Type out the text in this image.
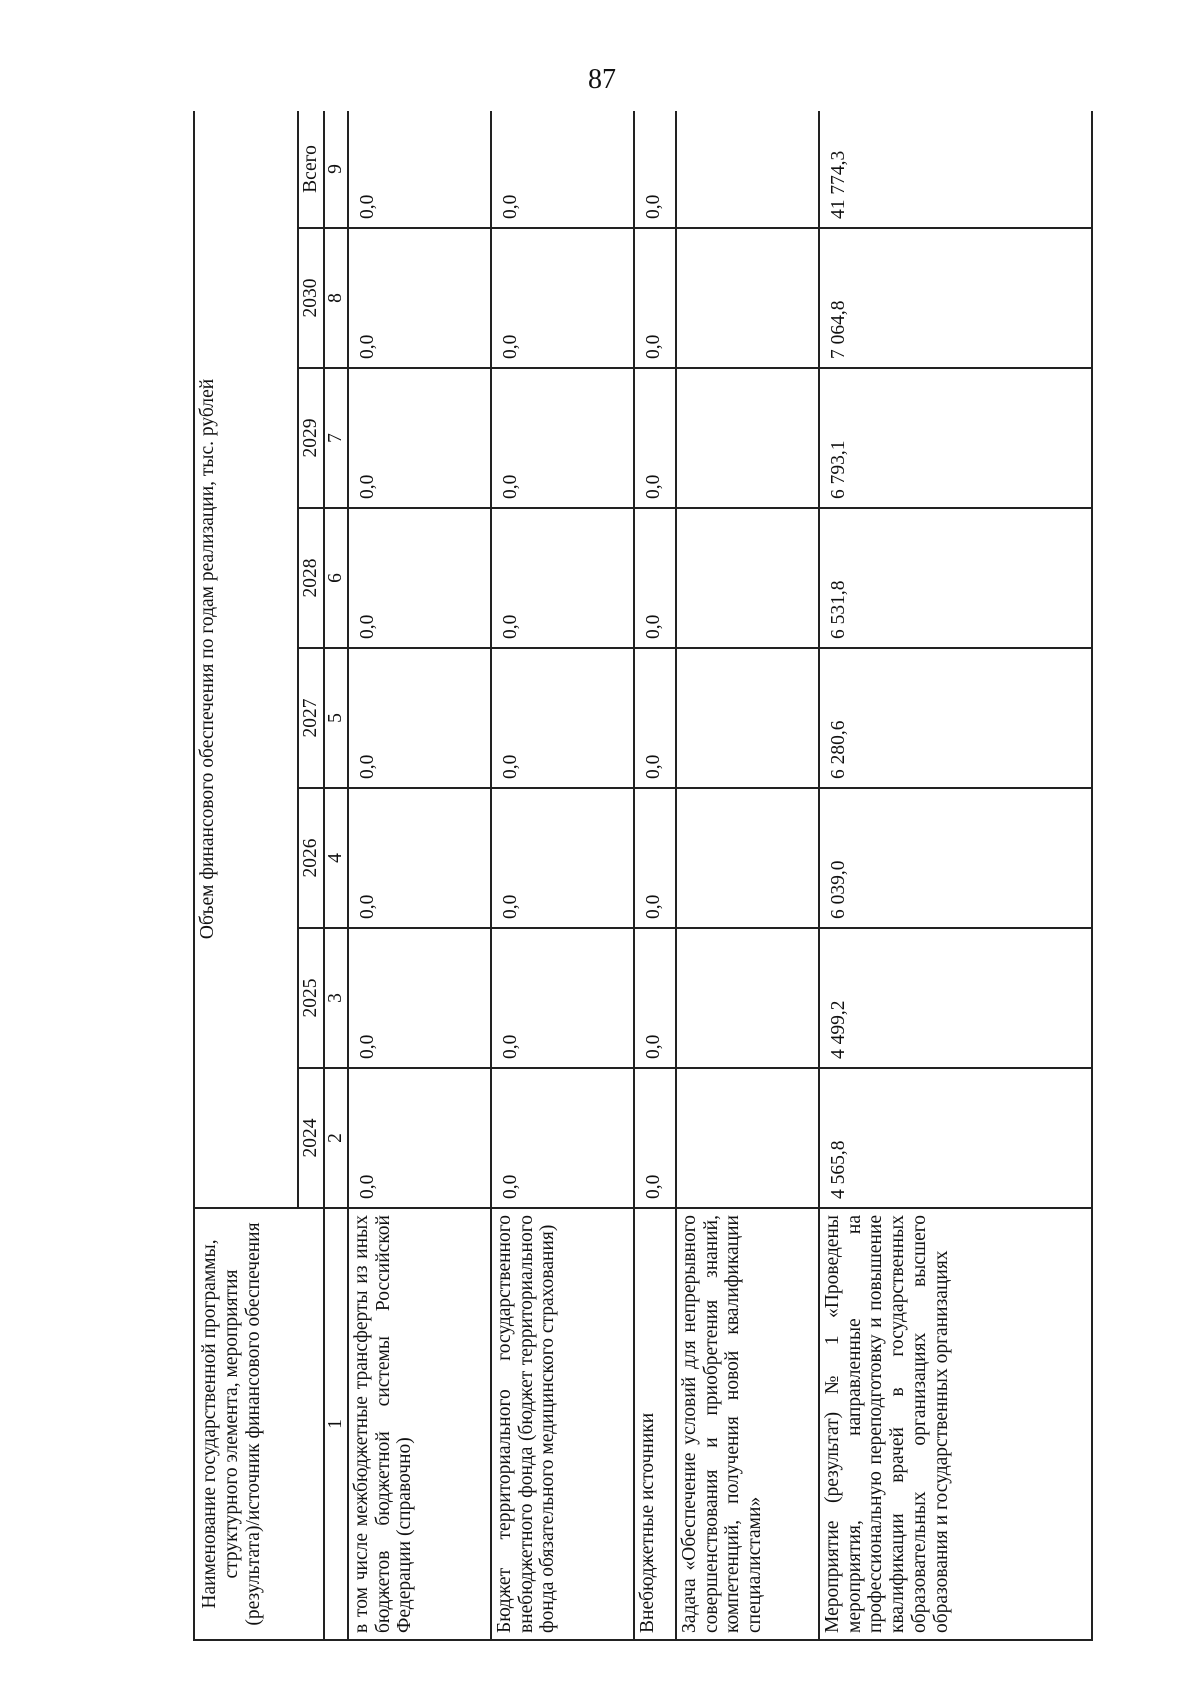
87
Наименование государственной программы, структурного элемента, мероприятия (результата)/источник финансового обеспечения	Объем финансового обеспечения по годам реализации, тыс. рублей							
	2024	2025	2026	2027	2028	2029	2030	Всего
1	2	3	4	5	6	7	8	9
в том числе межбюджетные трансферты из иных бюджетов бюджетной системы Российской Федерации (справочно)	0,0	0,0	0,0	0,0	0,0	0,0	0,0	0,0
Бюджет территориального государственного внебюджетного фонда (бюджет территориального фонда обязательного медицинского страхования)	0,0	0,0	0,0	0,0	0,0	0,0	0,0	0,0
Внебюджетные источники	0,0	0,0	0,0	0,0	0,0	0,0	0,0	0,0
Задача «Обеспечение условий для непрерывного совершенствования и приобретения знаний, компетенций, получения новой квалификации специалистами»								
Мероприятие (результат) № 1 «Проведены мероприятия, направленные на профессиональную переподготовку и повышение квалификации врачей в государственных образовательных организациях высшего образования и государственных организациях	4 565,8	4 499,2	6 039,0	6 280,6	6 531,8	6 793,1	7 064,8	41 774,3
